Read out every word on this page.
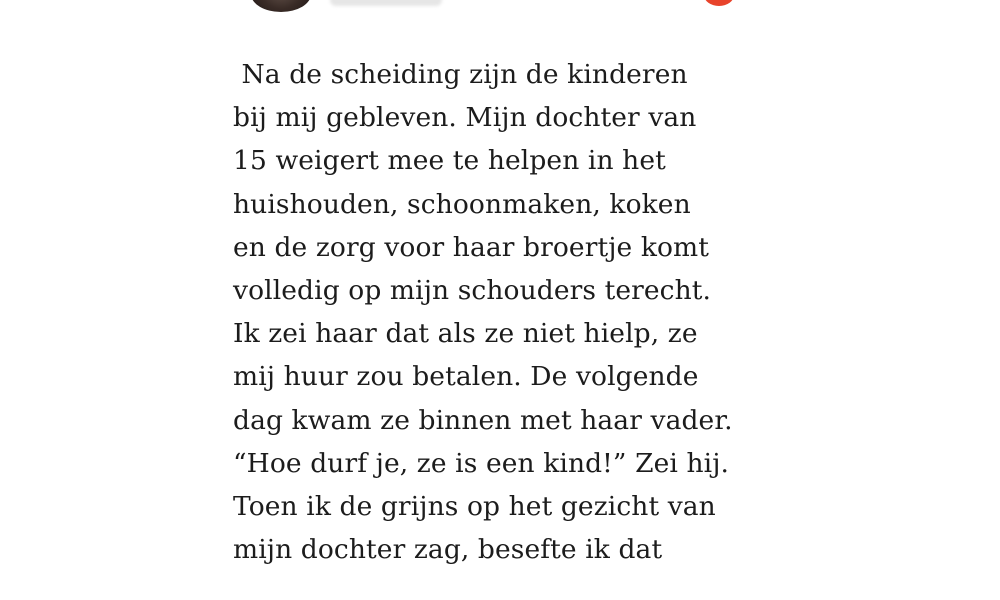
Na de scheiding zijn de kinderen
bij mij gebleven. Mijn dochter van
15 weigert mee te helpen in het
huishouden, schoonmaken, koken
en de zorg voor haar broertje komt
volledig op mijn schouders terecht.
Ik zei haar dat als ze niet hielp, ze
mij huur zou betalen. De volgende
dag kwam ze binnen met haar vader.
“Hoe durf je, ze is een kind!” Zei hij.
Toen ik de grijns op het gezicht van
mijn dochter zag, besefte ik dat
